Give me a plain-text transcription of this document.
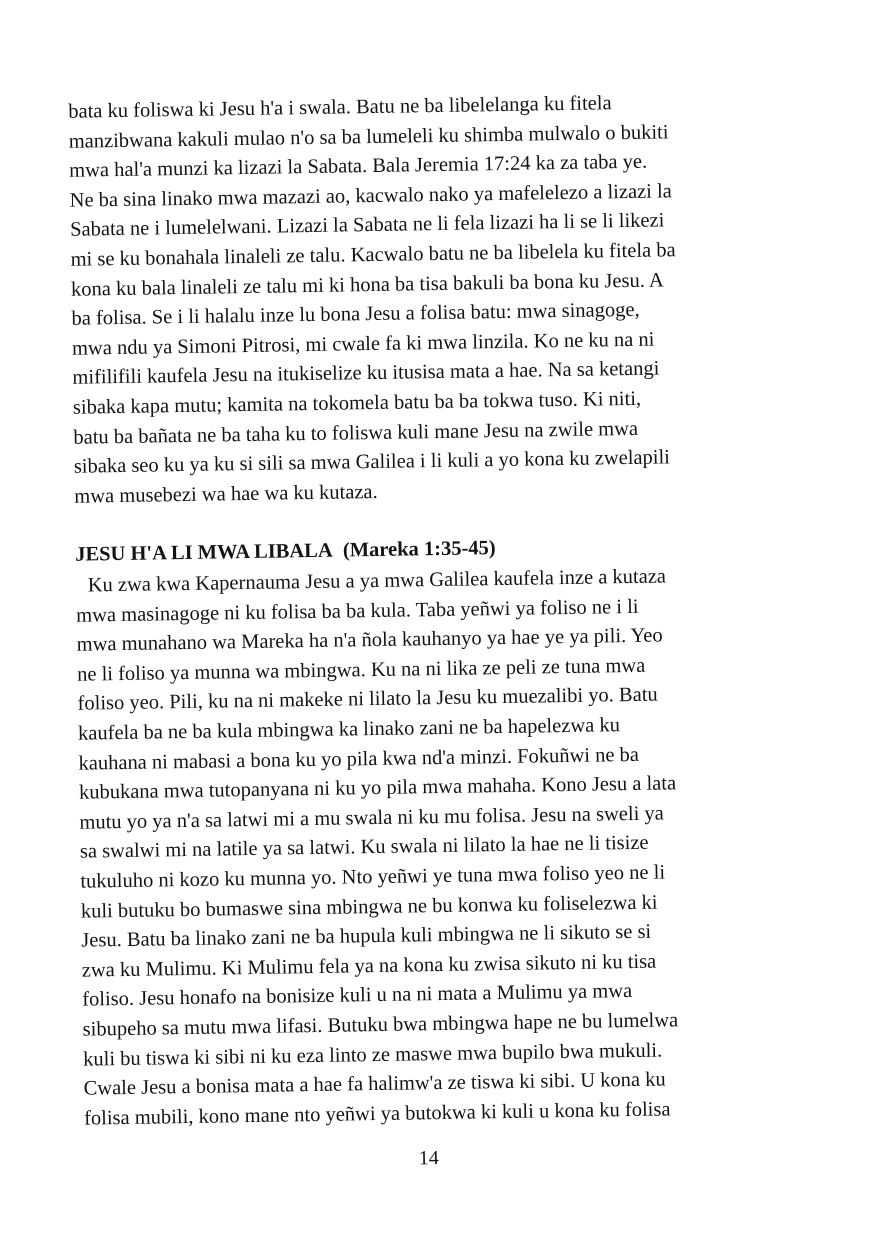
bata ku foliswa ki Jesu h'a i swala. Batu ne ba libelelanga ku fitela
manzibwana kakuli mulao n'o sa ba lumeleli ku shimba mulwalo o bukiti
mwa hal'a munzi ka lizazi la Sabata. Bala Jeremia 17:24 ka za taba ye.
Ne ba sina linako mwa mazazi ao, kacwalo nako ya mafelelezo a lizazi la
Sabata ne i lumelelwani. Lizazi la Sabata ne li fela lizazi ha li se li likezi
mi se ku bonahala linaleli ze talu. Kacwalo batu ne ba libelela ku fitela ba
kona ku bala linaleli ze talu mi ki hona ba tisa bakuli ba bona ku Jesu. A
ba folisa. Se i li halalu inze lu bona Jesu a folisa batu: mwa sinagoge,
mwa ndu ya Simoni Pitrosi, mi cwale fa ki mwa linzila. Ko ne ku na ni
mifilifili kaufela Jesu na itukiselize ku itusisa mata a hae. Na sa ketangi
sibaka kapa mutu; kamita na tokomela batu ba ba tokwa tuso. Ki niti,
batu ba bañata ne ba taha ku to foliswa kuli mane Jesu na zwile mwa
sibaka seo ku ya ku si sili sa mwa Galilea i li kuli a yo kona ku zwelapili
mwa musebezi wa hae wa ku kutaza.
JESU H'A LI MWA LIBALA (Mareka 1:35-45)
Ku zwa kwa Kapernauma Jesu a ya mwa Galilea kaufela inze a kutaza
mwa masinagoge ni ku folisa ba ba kula. Taba yeñwi ya foliso ne i li
mwa munahano wa Mareka ha n'a ñola kauhanyo ya hae ye ya pili. Yeo
ne li foliso ya munna wa mbingwa. Ku na ni lika ze peli ze tuna mwa
foliso yeo. Pili, ku na ni makeke ni lilato la Jesu ku muezalibi yo. Batu
kaufela ba ne ba kula mbingwa ka linako zani ne ba hapelezwa ku
kauhana ni mabasi a bona ku yo pila kwa nd'a minzi. Fokuñwi ne ba
kubukana mwa tutopanyana ni ku yo pila mwa mahaha. Kono Jesu a lata
mutu yo ya n'a sa latwi mi a mu swala ni ku mu folisa. Jesu na sweli ya
sa swalwi mi na latile ya sa latwi. Ku swala ni lilato la hae ne li tisize
tukuluho ni kozo ku munna yo. Nto yeñwi ye tuna mwa foliso yeo ne li
kuli butuku bo bumaswe sina mbingwa ne bu konwa ku foliselezwa ki
Jesu. Batu ba linako zani ne ba hupula kuli mbingwa ne li sikuto se si
zwa ku Mulimu. Ki Mulimu fela ya na kona ku zwisa sikuto ni ku tisa
foliso. Jesu honafo na bonisize kuli u na ni mata a Mulimu ya mwa
sibupeho sa mutu mwa lifasi. Butuku bwa mbingwa hape ne bu lumelwa
kuli bu tiswa ki sibi ni ku eza linto ze maswe mwa bupilo bwa mukuli.
Cwale Jesu a bonisa mata a hae fa halimw'a ze tiswa ki sibi. U kona ku
folisa mubili, kono mane nto yeñwi ya butokwa ki kuli u kona ku folisa
14
